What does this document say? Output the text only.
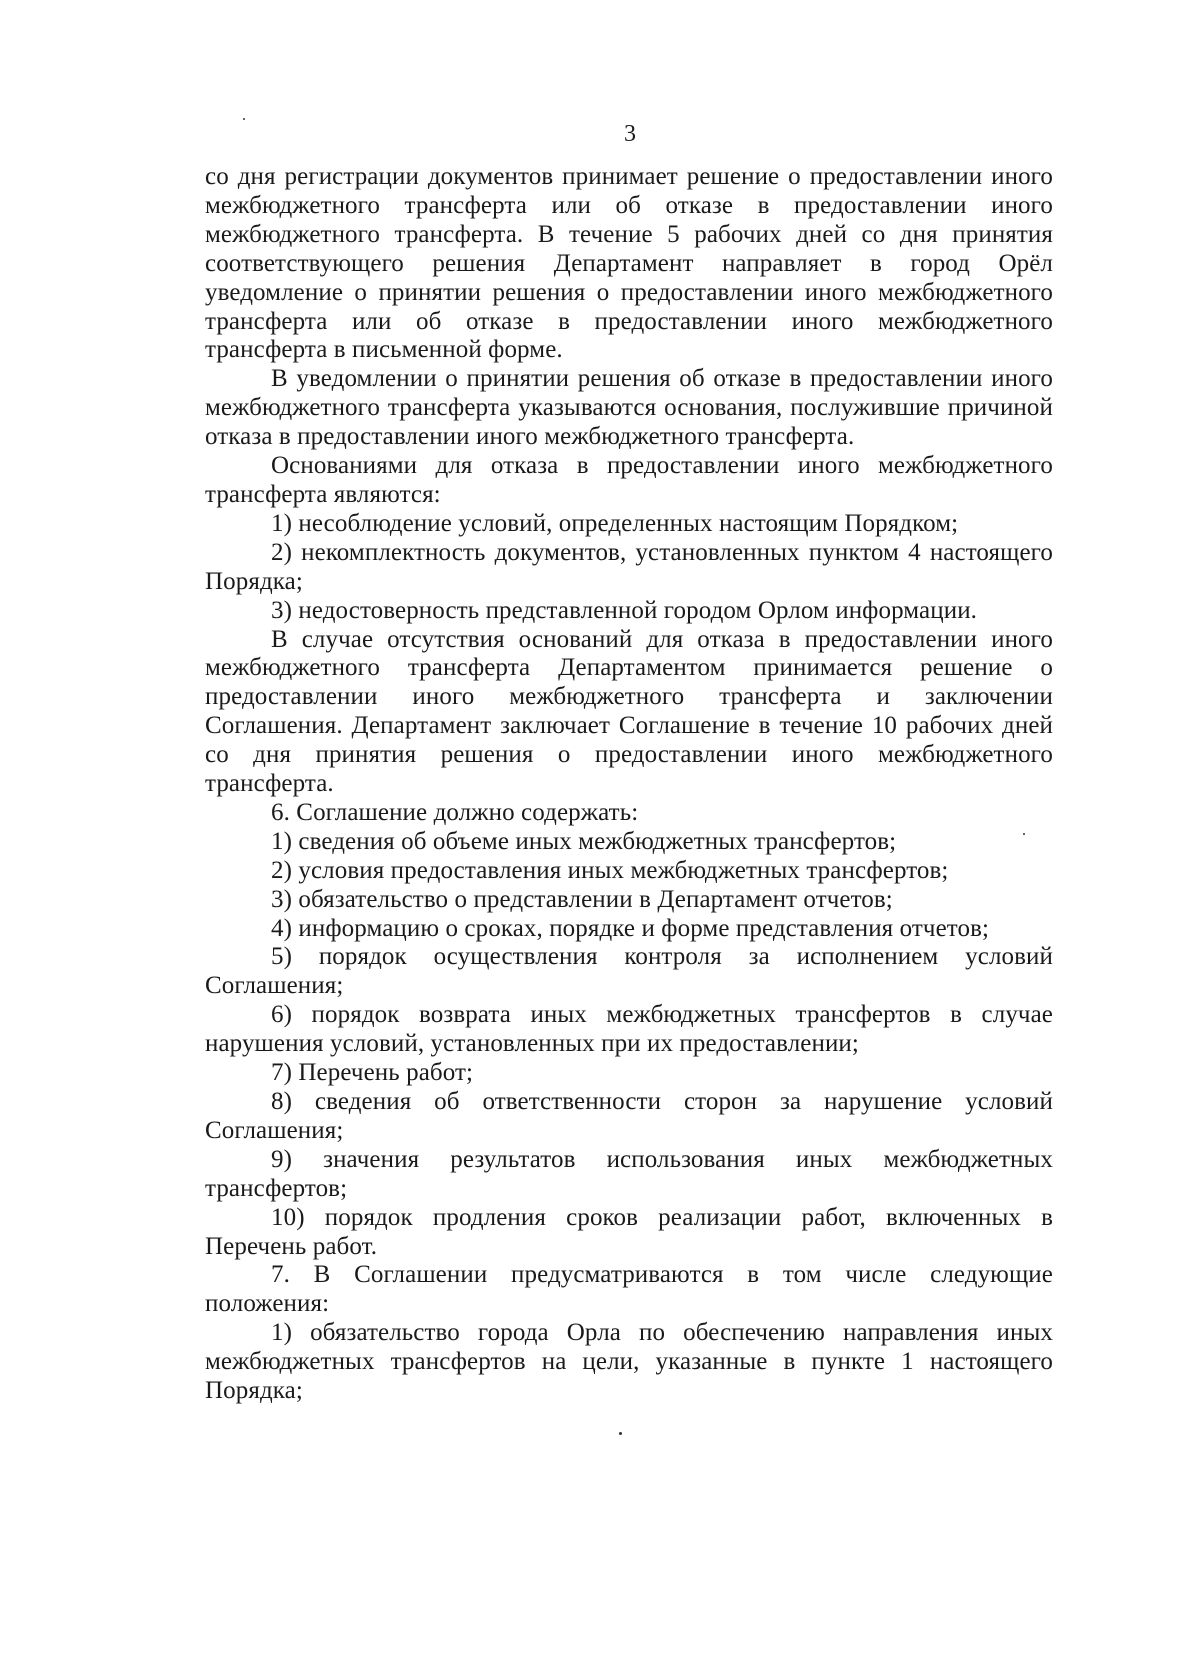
3

со дня регистрации документов принимает решение о предоставлении иного межбюджетного трансферта или об отказе в предоставлении иного межбюджетного трансферта. В течение 5 рабочих дней со дня принятия соответствующего решения Департамент направляет в город Орёл уведомление о принятии решения о предоставлении иного межбюджетного трансферта или об отказе в предоставлении иного межбюджетного трансферта в письменной форме.

В уведомлении о принятии решения об отказе в предоставлении иного межбюджетного трансферта указываются основания, послужившие причиной отказа в предоставлении иного межбюджетного трансферта.

Основаниями для отказа в предоставлении иного межбюджетного трансферта являются:

1) несоблюдение условий, определенных настоящим Порядком;

2) некомплектность документов, установленных пунктом 4 настоящего Порядка;

3) недостоверность представленной городом Орлом информации.

В случае отсутствия оснований для отказа в предоставлении иного межбюджетного трансферта Департаментом принимается решение о предоставлении иного межбюджетного трансферта и заключении Соглашения. Департамент заключает Соглашение в течение 10 рабочих дней со дня принятия решения о предоставлении иного межбюджетного трансферта.

6. Соглашение должно содержать:

1) сведения об объеме иных межбюджетных трансфертов;

2) условия предоставления иных межбюджетных трансфертов;

3) обязательство о представлении в Департамент отчетов;

4) информацию о сроках, порядке и форме представления отчетов;

5) порядок осуществления контроля за исполнением условий Соглашения;

6) порядок возврата иных межбюджетных трансфертов в случае нарушения условий, установленных при их предоставлении;

7) Перечень работ;

8) сведения об ответственности сторон за нарушение условий Соглашения;

9) значения результатов использования иных межбюджетных трансфертов;

10) порядок продления сроков реализации работ, включенных в Перечень работ.

7. В Соглашении предусматриваются в том числе следующие положения:

1) обязательство города Орла по обеспечению направления иных межбюджетных трансфертов на цели, указанные в пункте 1 настоящего Порядка;
